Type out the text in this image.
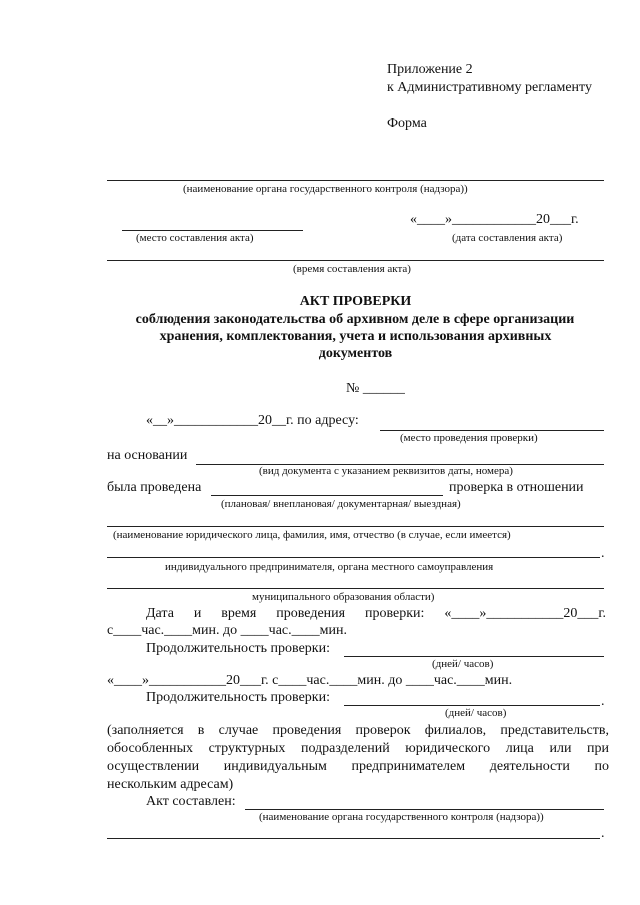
Приложение 2
к Административному регламенту
Форма
(наименование органа государственного контроля (надзора))
(место составления акта)
«____»____________20___г.
(дата составления акта)
(время составления акта)
АКТ ПРОВЕРКИ
соблюдения законодательства об архивном деле в сфере организации
хранения, комплектования, учета и использования архивных
документов
№ ______
«__»____________20__г. по адресу:
(место проведения проверки)
на основании
(вид документа с указанием реквизитов даты, номера)
была проведена	проверка в отношении
(плановая/ внеплановая/ документарная/ выездная)
(наименование юридического лица, фамилия, имя, отчество (в случае, если имеется)
.
индивидуального предпринимателя, органа местного самоуправления
муниципального образования области)
Дата и время проведения проверки: «____»___________20___г.
с____час.____мин. до ____час.____мин.
Продолжительность проверки:
(дней/ часов)
«____»___________20___г. с____час.____мин. до ____час.____мин.
Продолжительность проверки:	.
(дней/ часов)
(заполняется в случае проведения проверок филиалов, представительств,
обособленных структурных подразделений юридического лица или при
осуществлении индивидуальным предпринимателем деятельности по
нескольким адресам)
Акт составлен:
(наименование органа государственного контроля (надзора))
.
